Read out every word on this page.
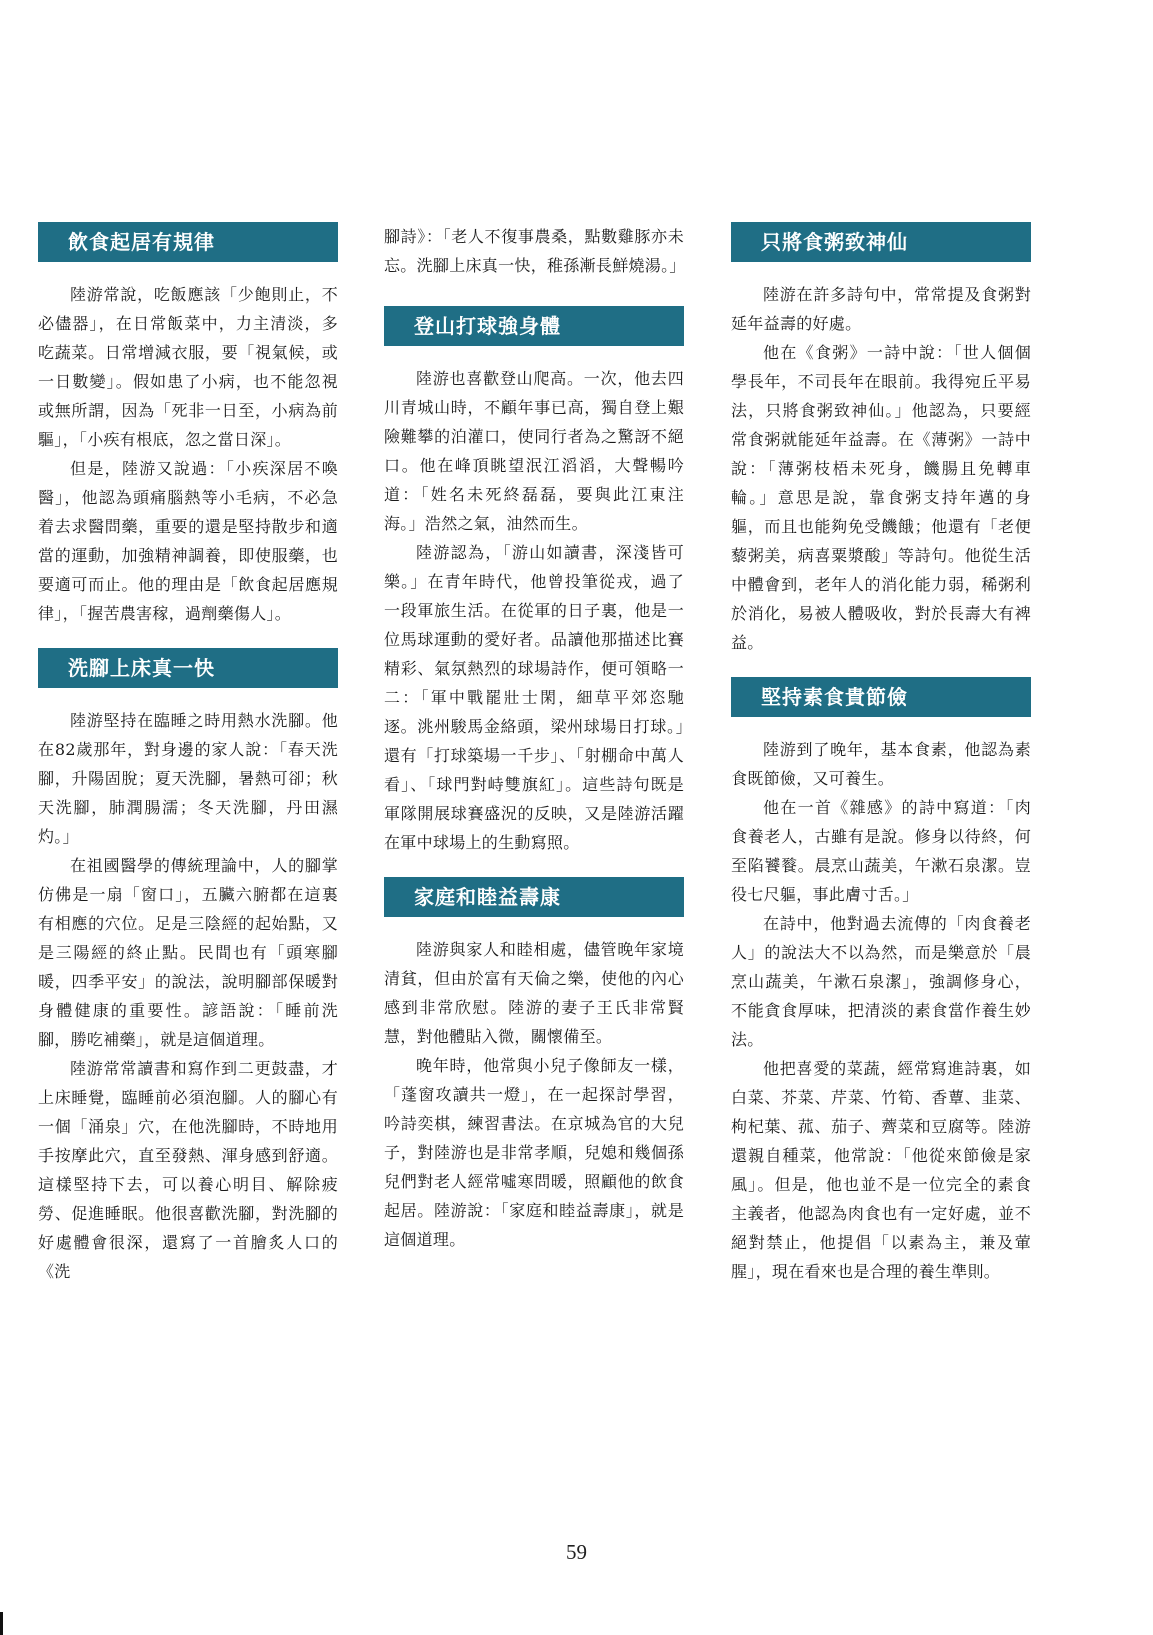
飲食起居有規律

陸游常說，吃飯應該「少飽則止，不必儘器」，在日常飯菜中，力主清淡，多吃蔬菜。日常增減衣服，要「視氣候，或一日數變」。假如患了小病，也不能忽視或無所謂，因為「死非一日至，小病為前驅」，「小疾有根底，忽之當日深」。

但是，陸游又說過：「小疾深居不喚醫」，他認為頭痛腦熱等小毛病，不必急着去求醫問藥，重要的還是堅持散步和適當的運動，加強精神調養，即使服藥，也要適可而止。他的理由是「飲食起居應規律」，「握苦農害稼，過劑藥傷人」。

洗腳上床真一快

陸游堅持在臨睡之時用熱水洗腳。他在82歲那年，對身邊的家人說：「春天洗腳，升陽固脫；夏天洗腳，暑熱可卻；秋天洗腳，肺潤腸濡；冬天洗腳，丹田濕灼。」

在祖國醫學的傳統理論中，人的腳掌仿佛是一扇「窗口」，五臟六腑都在這裏有相應的穴位。足是三陰經的起始點，又是三陽經的終止點。民間也有「頭寒腳暖，四季平安」的說法，說明腳部保暖對身體健康的重要性。諺語說：「睡前洗腳，勝吃補藥」，就是這個道理。

陸游常常讀書和寫作到二更鼓盡，才上床睡覺，臨睡前必須泡腳。人的腳心有一個「涌泉」穴，在他洗腳時，不時地用手按摩此穴，直至發熱、渾身感到舒適。這樣堅持下去，可以養心明目、解除疲勞、促進睡眠。他很喜歡洗腳，對洗腳的好處體會很深，還寫了一首膾炙人口的《洗

腳詩》：「老人不復事農桑，點數雞豚亦未忘。洗腳上床真一快，稚孫漸長鮮燒湯。」

登山打球強身體

陸游也喜歡登山爬高。一次，他去四川青城山時，不顧年事已高，獨自登上艱險難攀的泊灌口，使同行者為之驚訝不絕口。他在峰頂眺望泯江滔滔，大聲暢吟道：「姓名未死終磊磊，要與此江東注海。」浩然之氣，油然而生。

陸游認為，「游山如讀書，深淺皆可樂。」在青年時代，他曾投筆從戎，過了一段軍旅生活。在從軍的日子裏，他是一位馬球運動的愛好者。品讀他那描述比賽精彩、氣氛熱烈的球場詩作，便可領略一二：「軍中戰罷壯士閑，細草平郊恣馳逐。洮州駿馬金絡頭，梁州球場日打球。」還有「打球築場一千步」、「射棚命中萬人看」、「球門對峙雙旗紅」。這些詩句既是軍隊開展球賽盛況的反映，又是陸游活躍在軍中球場上的生動寫照。

家庭和睦益壽康

陸游與家人和睦相處，儘管晚年家境清貧，但由於富有天倫之樂，使他的內心感到非常欣慰。陸游的妻子王氏非常賢慧，對他體貼入微，關懷備至。

晚年時，他常與小兒子像師友一樣，「蓬窗攻讀共一燈」，在一起探討學習，吟詩奕棋，練習書法。在京城為官的大兒子，對陸游也是非常孝順，兒媳和幾個孫兒們對老人經常噓寒問暖，照顧他的飲食起居。陸游說：「家庭和睦益壽康」，就是這個道理。

只將食粥致神仙

陸游在許多詩句中，常常提及食粥對延年益壽的好處。

他在《食粥》一詩中說：「世人個個學長年，不司長年在眼前。我得宛丘平易法，只將食粥致神仙。」他認為，只要經常食粥就能延年益壽。在《薄粥》一詩中說：「薄粥枝梧未死身，饑腸且免轉車輪。」意思是說，靠食粥支持年邁的身軀，而且也能夠免受饑餓；他還有「老便藜粥美，病喜粟漿酸」等詩句。他從生活中體會到，老年人的消化能力弱，稀粥利於消化，易被人體吸收，對於長壽大有裨益。

堅持素食貴節儉

陸游到了晚年，基本食素，他認為素食既節儉，又可養生。

他在一首《雜感》的詩中寫道：「肉食養老人，古雖有是說。修身以待終，何至陷饕餮。晨烹山蔬美，午漱石泉潔。豈役七尺軀，事此膚寸舌。」

在詩中，他對過去流傳的「肉食養老人」的說法大不以為然，而是樂意於「晨烹山蔬美，午漱石泉潔」，強調修身心，不能貪食厚味，把清淡的素食當作養生妙法。

他把喜愛的菜蔬，經常寫進詩裏，如白菜、芥菜、芹菜、竹筍、香蕈、韭菜、枸杞葉、菰、茄子、薺菜和豆腐等。陸游還親自種菜，他常說：「他從來節儉是家風」。但是，他也並不是一位完全的素食主義者，他認為肉食也有一定好處，並不絕對禁止，他提倡「以素為主，兼及葷腥」，現在看來也是合理的養生準則。

59
